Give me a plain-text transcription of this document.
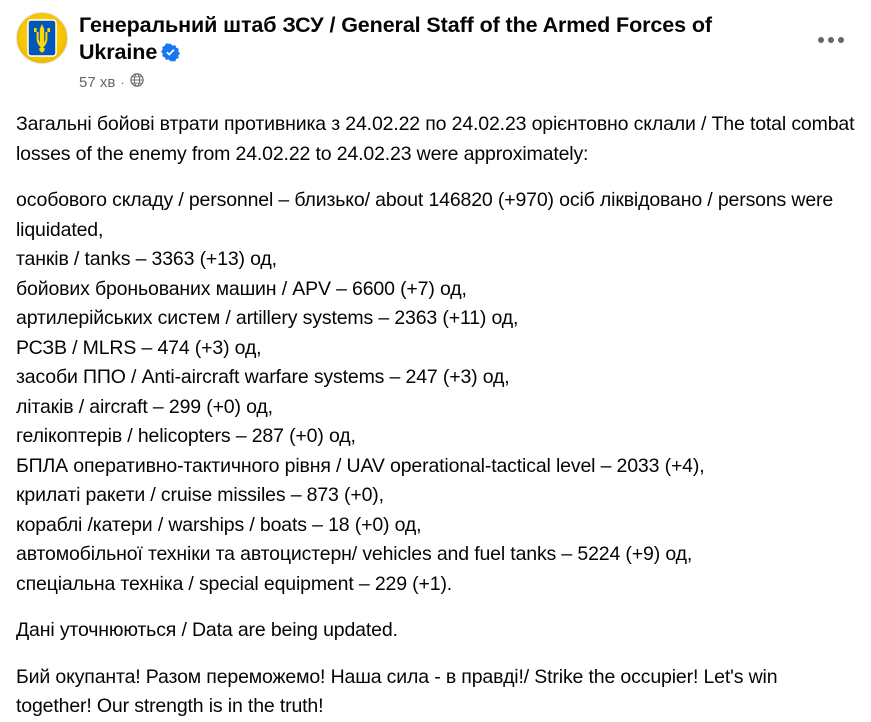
Генеральний штаб ЗСУ / General Staff of the Armed Forces of Ukraine
57 хв ·

Загальні бойові втрати противника з 24.02.22 по 24.02.23 орієнтовно склали / The total combat losses of the enemy from 24.02.22 to 24.02.23 were approximately:

особового складу / personnel – близько/ about 146820 (+970) осіб ліквідовано / persons were liquidated,

танків / tanks – 3363 (+13) од,

бойових броньованих машин / APV – 6600 (+7) од,

артилерійських систем / artillery systems – 2363 (+11) од,

РСЗВ / MLRS – 474 (+3) од,

засоби ППО / Anti-aircraft warfare systems – 247 (+3) од,

літаків / aircraft – 299 (+0) од,

гелікоптерів / helicopters – 287 (+0) од,

БПЛА оперативно-тактичного рівня / UAV operational-tactical level – 2033 (+4),

крилаті ракети / cruise missiles – 873 (+0),

кораблі /катери / warships / boats – 18 (+0) од,

автомобільної техніки та автоцистерн/ vehicles and fuel tanks – 5224 (+9) од,

спеціальна техніка / special equipment – 229 (+1).

Дані уточнюються / Data are being updated.

Бий окупанта! Разом переможемо! Наша сила - в правді!/ Strike the occupier! Let's win together! Our strength is in the truth!
